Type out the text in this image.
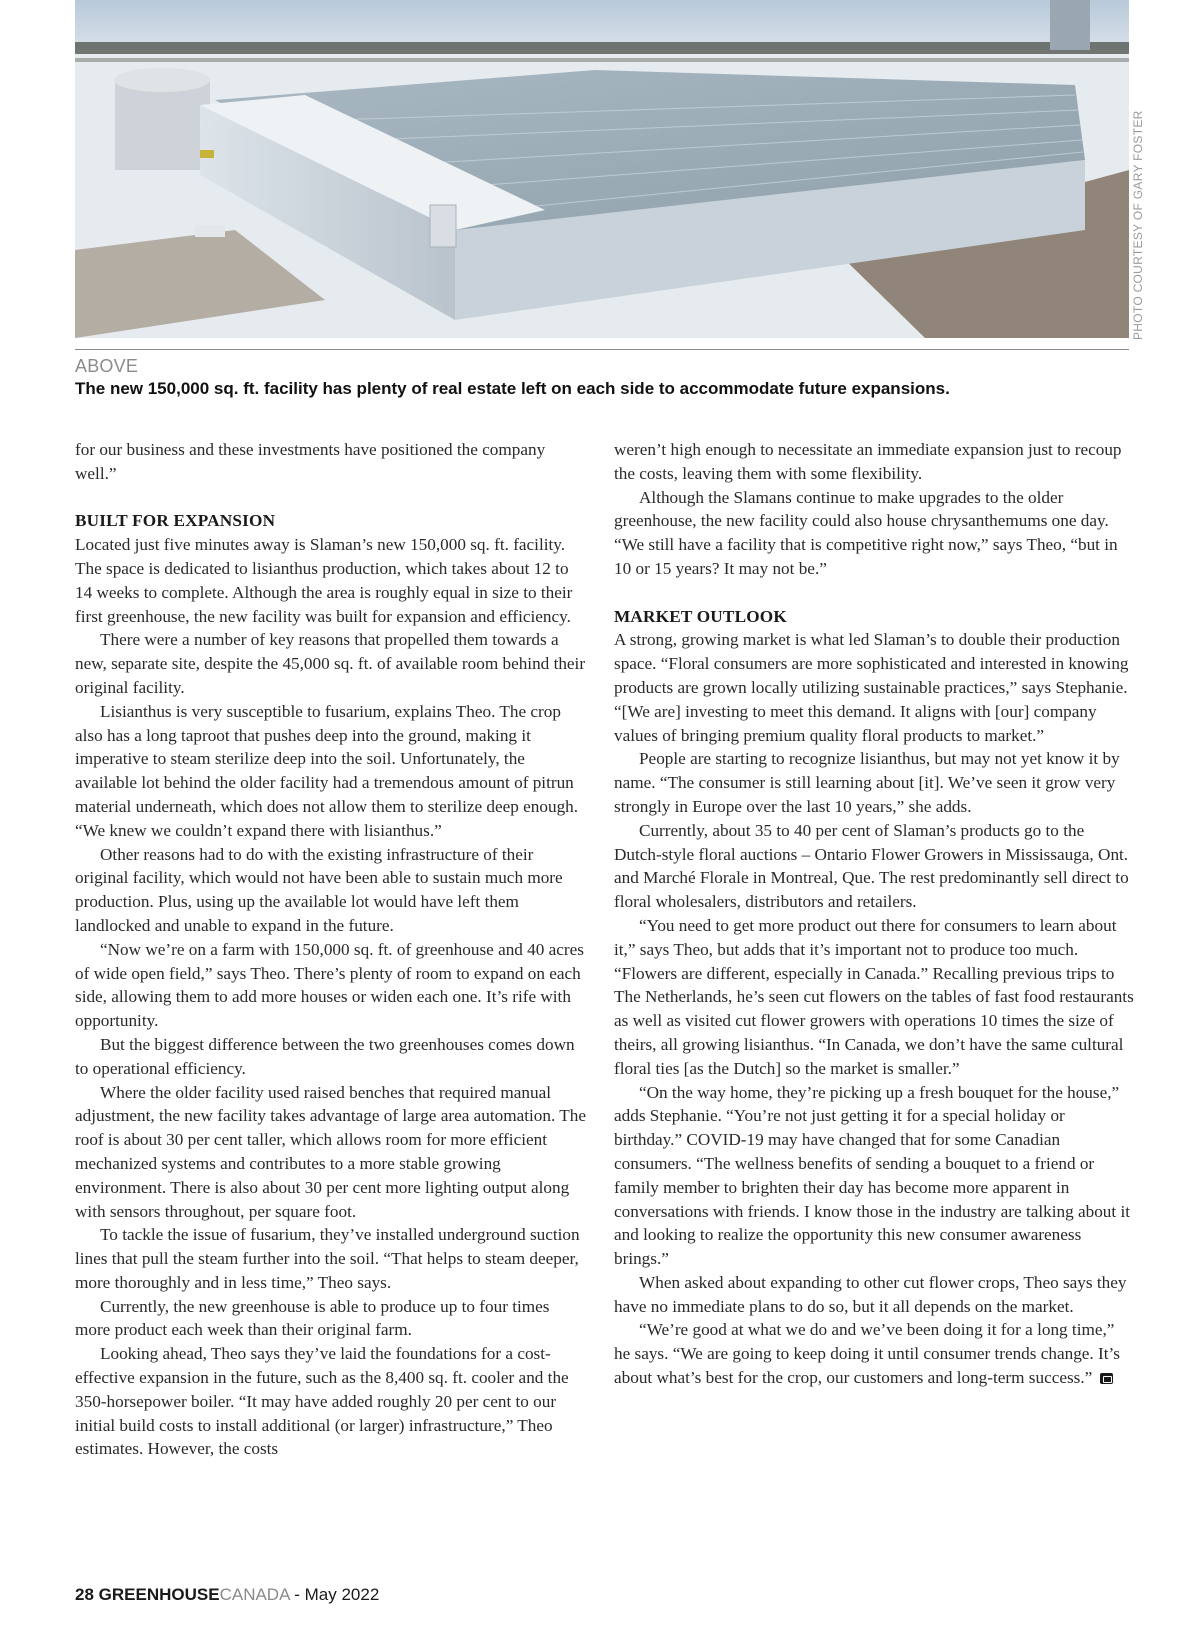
PHOTO COURTESY OF GARY FOSTER
ABOVE
The new 150,000 sq. ft. facility has plenty of real estate left on each side to accommodate future expansions.

for our business and these investments have positioned the company well.”

BUILT FOR EXPANSION

Located just five minutes away is Slaman’s new 150,000 sq. ft. facility. The space is dedicated to lisianthus production, which takes about 12 to 14 weeks to complete. Although the area is roughly equal in size to their first greenhouse, the new facility was built for expansion and efficiency.

There were a number of key reasons that propelled them towards a new, separate site, despite the 45,000 sq. ft. of available room behind their original facility.

Lisianthus is very susceptible to fusarium, explains Theo. The crop also has a long taproot that pushes deep into the ground, making it imperative to steam sterilize deep into the soil. Unfortunately, the available lot behind the older facility had a tremendous amount of pitrun material underneath, which does not allow them to sterilize deep enough. “We knew we couldn’t expand there with lisianthus.”

Other reasons had to do with the existing infrastructure of their original facility, which would not have been able to sustain much more production. Plus, using up the available lot would have left them landlocked and unable to expand in the future.

“Now we’re on a farm with 150,000 sq. ft. of greenhouse and 40 acres of wide open field,” says Theo. There’s plenty of room to expand on each side, allowing them to add more houses or widen each one. It’s rife with opportunity.

But the biggest difference between the two greenhouses comes down to operational efficiency.

Where the older facility used raised benches that required manual adjustment, the new facility takes advantage of large area automation. The roof is about 30 per cent taller, which allows room for more efficient mechanized systems and contributes to a more stable growing environment. There is also about 30 per cent more lighting output along with sensors throughout, per square foot.

To tackle the issue of fusarium, they’ve installed underground suction lines that pull the steam further into the soil. “That helps to steam deeper, more thoroughly and in less time,” Theo says.

Currently, the new greenhouse is able to produce up to four times more product each week than their original farm.

Looking ahead, Theo says they’ve laid the foundations for a cost-effective expansion in the future, such as the 8,400 sq. ft. cooler and the 350-horsepower boiler. “It may have added roughly 20 per cent to our initial build costs to install additional (or larger) infrastructure,” Theo estimates. However, the costs

weren’t high enough to necessitate an immediate expansion just to recoup the costs, leaving them with some flexibility.

Although the Slamans continue to make upgrades to the older greenhouse, the new facility could also house chrysanthemums one day. “We still have a facility that is competitive right now,” says Theo, “but in 10 or 15 years? It may not be.”

MARKET OUTLOOK

A strong, growing market is what led Slaman’s to double their production space. “Floral consumers are more sophisticated and interested in knowing products are grown locally utilizing sustainable practices,” says Stephanie. “[We are] investing to meet this demand. It aligns with [our] company values of bringing premium quality floral products to market.”

People are starting to recognize lisianthus, but may not yet know it by name. “The consumer is still learning about [it]. We’ve seen it grow very strongly in Europe over the last 10 years,” she adds.

Currently, about 35 to 40 per cent of Slaman’s products go to the Dutch-style floral auctions – Ontario Flower Growers in Mississauga, Ont. and Marché Florale in Montreal, Que. The rest predominantly sell direct to floral wholesalers, distributors and retailers.

“You need to get more product out there for consumers to learn about it,” says Theo, but adds that it’s important not to produce too much. “Flowers are different, especially in Canada.” Recalling previous trips to The Netherlands, he’s seen cut flowers on the tables of fast food restaurants as well as visited cut flower growers with operations 10 times the size of theirs, all growing lisianthus. “In Canada, we don’t have the same cultural floral ties [as the Dutch] so the market is smaller.”

“On the way home, they’re picking up a fresh bouquet for the house,” adds Stephanie. “You’re not just getting it for a special holiday or birthday.” COVID-19 may have changed that for some Canadian consumers. “The wellness benefits of sending a bouquet to a friend or family member to brighten their day has become more apparent in conversations with friends. I know those in the industry are talking about it and looking to realize the opportunity this new consumer awareness brings.”

When asked about expanding to other cut flower crops, Theo says they have no immediate plans to do so, but it all depends on the market.

“We’re good at what we do and we’ve been doing it for a long time,” he says. “We are going to keep doing it until consumer trends change. It’s about what’s best for the crop, our customers and long-term success.”

28 GREENHOUSECANADA - May 2022
